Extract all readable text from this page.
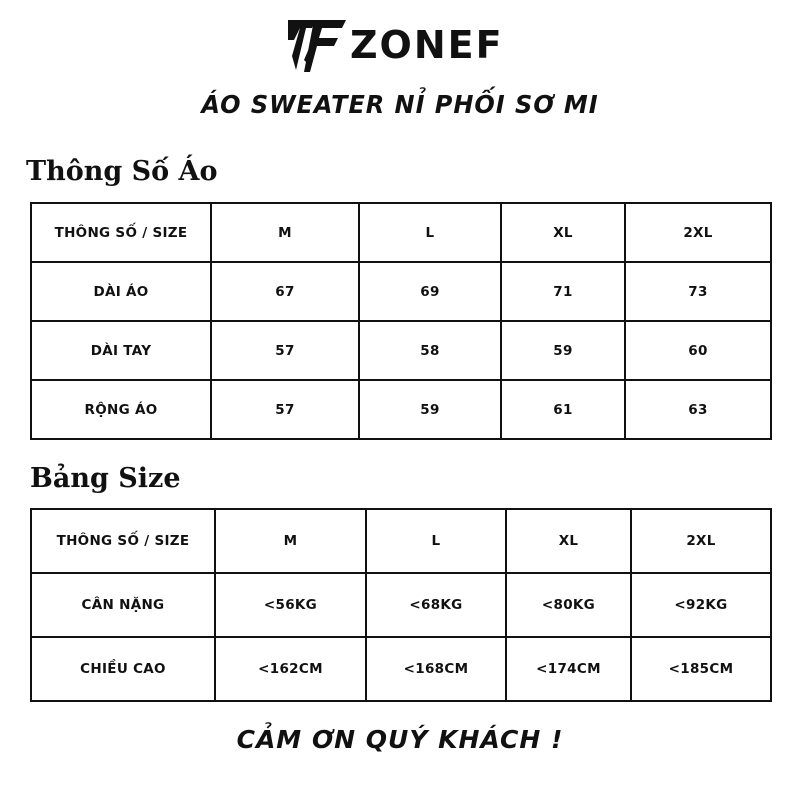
ZONEF
ÁO SWEATER NỈ PHỐI SƠ MI
Thông Số Áo
THÔNG SỐ / SIZE	M	L	XL	2XL
DÀI ÁO	67	69	71	73
DÀI TAY	57	58	59	60
RỘNG ÁO	57	59	61	63
Bảng Size
THÔNG SỐ / SIZE	M	L	XL	2XL
CÂN NẶNG	<56KG	<68KG	<80KG	<92KG
CHIỀU CAO	<162CM	<168CM	<174CM	<185CM
CẢM ƠN QUÝ KHÁCH !
